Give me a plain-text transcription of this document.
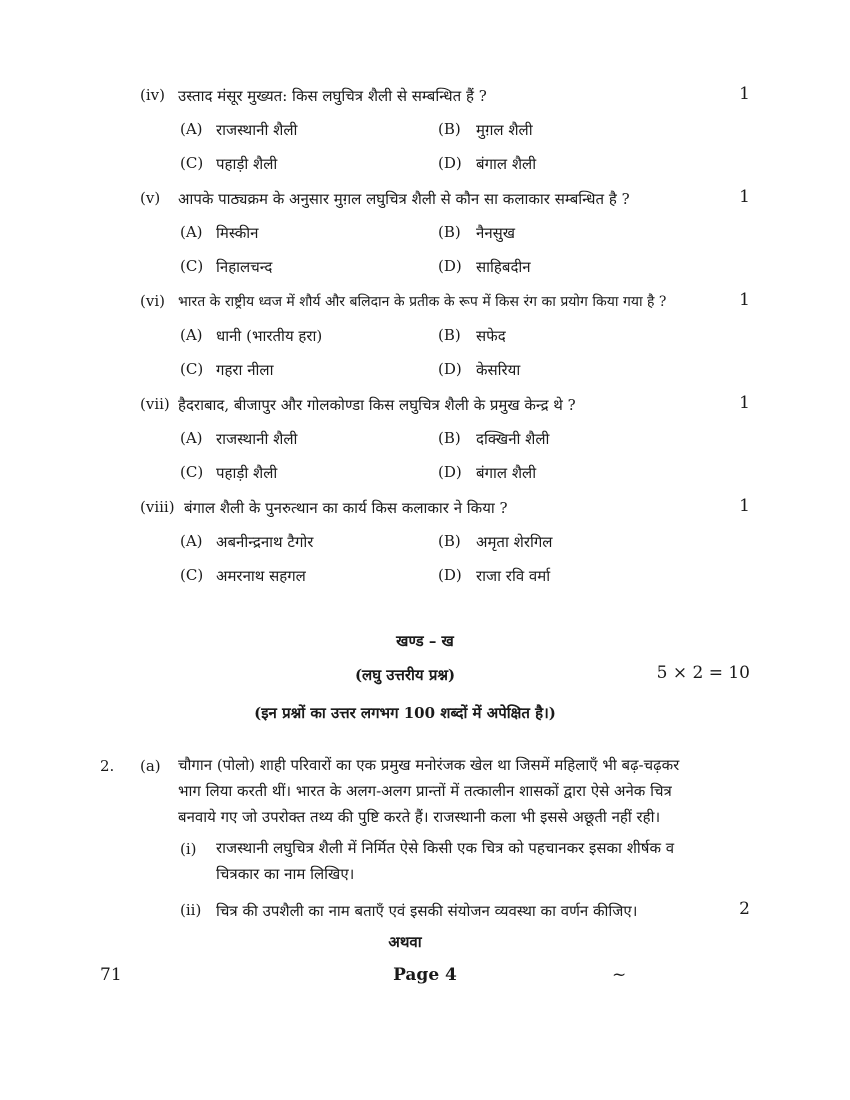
(iv) उस्ताद मंसूर मुख्यत: किस लघुचित्र शैली से सम्बन्धित हैं ?	1
(A) राजस्थानी शैली	(B) मुग़ल शैली
(C) पहाड़ी शैली	(D) बंगाल शैली
(v) आपके पाठ्यक्रम के अनुसार मुग़ल लघुचित्र शैली से कौन सा कलाकार सम्बन्धित है ?	1
(A) मिस्कीन	(B) नैनसुख
(C) निहालचन्द	(D) साहिबदीन
(vi) भारत के राष्ट्रीय ध्वज में शौर्य और बलिदान के प्रतीक के रूप में किस रंग का प्रयोग किया गया है ?	1
(A) धानी (भारतीय हरा)	(B) सफेद
(C) गहरा नीला	(D) केसरिया
(vii) हैदराबाद, बीजापुर और गोलकोण्डा किस लघुचित्र शैली के प्रमुख केन्द्र थे ?	1
(A) राजस्थानी शैली	(B) दक्खिनी शैली
(C) पहाड़ी शैली	(D) बंगाल शैली
(viii) बंगाल शैली के पुनरुत्थान का कार्य किस कलाकार ने किया ?	1
(A) अबनीन्द्रनाथ टैगोर	(B) अमृता शेरगिल
(C) अमरनाथ सहगल	(D) राजा रवि वर्मा
खण्ड – ख
(लघु उत्तरीय प्रश्न)	5 × 2 = 10
(इन प्रश्नों का उत्तर लगभग 100 शब्दों में अपेक्षित है।)
2. (a) चौगान (पोलो) शाही परिवारों का एक प्रमुख मनोरंजक खेल था जिसमें महिलाएँ भी बढ़-चढ़कर
भाग लिया करती थीं। भारत के अलग-अलग प्रान्तों में तत्कालीन शासकों द्वारा ऐसे अनेक चित्र
बनवाये गए जो उपरोक्त तथ्य की पुष्टि करते हैं। राजस्थानी कला भी इससे अछूती नहीं रही।
(i) राजस्थानी लघुचित्र शैली में निर्मित ऐसे किसी एक चित्र को पहचानकर इसका शीर्षक व
चित्रकार का नाम लिखिए।
(ii) चित्र की उपशैली का नाम बताएँ एवं इसकी संयोजन व्यवस्था का वर्णन कीजिए।	2
अथवा
71	Page 4	~
